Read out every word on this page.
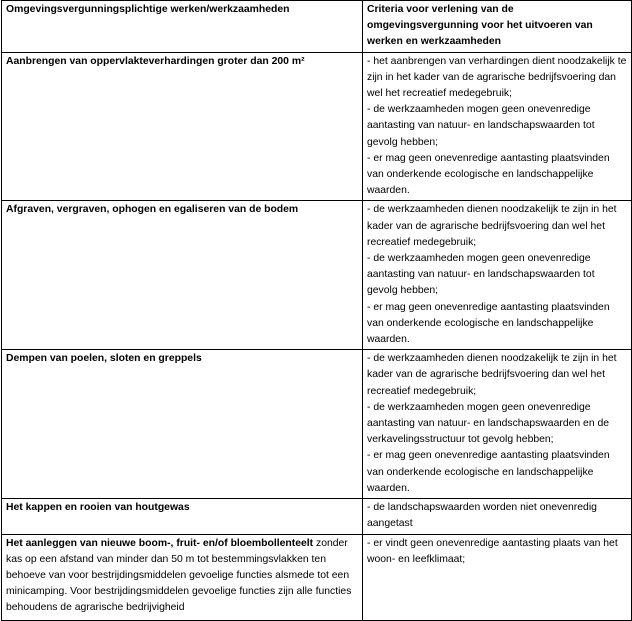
Omgevingsvergunningsplichtige werken/werkzaamheden	Criteria voor verlening van de omgevingsvergunning voor het uitvoeren van werken en werkzaamheden
Aanbrengen van oppervlakteverhardingen groter dan 200 m²	- het aanbrengen van verhardingen dient noodzakelijk te zijn in het kader van de agrarische bedrijfsvoering dan wel het recreatief medegebruik;
- de werkzaamheden mogen geen onevenredige aantasting van natuur- en landschapswaarden tot gevolg hebben;
- er mag geen onevenredige aantasting plaatsvinden van onderkende ecologische en landschappelijke waarden.

Afgraven, vergraven, ophogen en egaliseren van de bodem	- de werkzaamheden dienen noodzakelijk te zijn in het kader van de agrarische bedrijfsvoering dan wel het recreatief medegebruik;
- de werkzaamheden mogen geen onevenredige aantasting van natuur- en landschapswaarden tot gevolg hebben;
- er mag geen onevenredige aantasting plaatsvinden van onderkende ecologische en landschappelijke waarden.

Dempen van poelen, sloten en greppels	- de werkzaamheden dienen noodzakelijk te zijn in het kader van de agrarische bedrijfsvoering dan wel het recreatief medegebruik;
- de werkzaamheden mogen geen onevenredige aantasting van natuur- en landschapswaarden en de verkavelingsstructuur tot gevolg hebben;
- er mag geen onevenredige aantasting plaatsvinden van onderkende ecologische en landschappelijke waarden.

Het kappen en rooien van houtgewas	- de landschapswaarden worden niet onevenredig aangetast

Het aanleggen van nieuwe boom-, fruit- en/of bloembollenteelt zonder kas op een afstand van minder dan 50 m tot bestemmingsvlakken ten behoeve van voor bestrijdingsmiddelen gevoelige functies alsmede tot een minicamping. Voor bestrijdingsmiddelen gevoelige functies zijn alle functies behoudens de agrarische bedrijvigheid	- er vindt geen onevenredige aantasting plaats van het woon- en leefklimaat;
